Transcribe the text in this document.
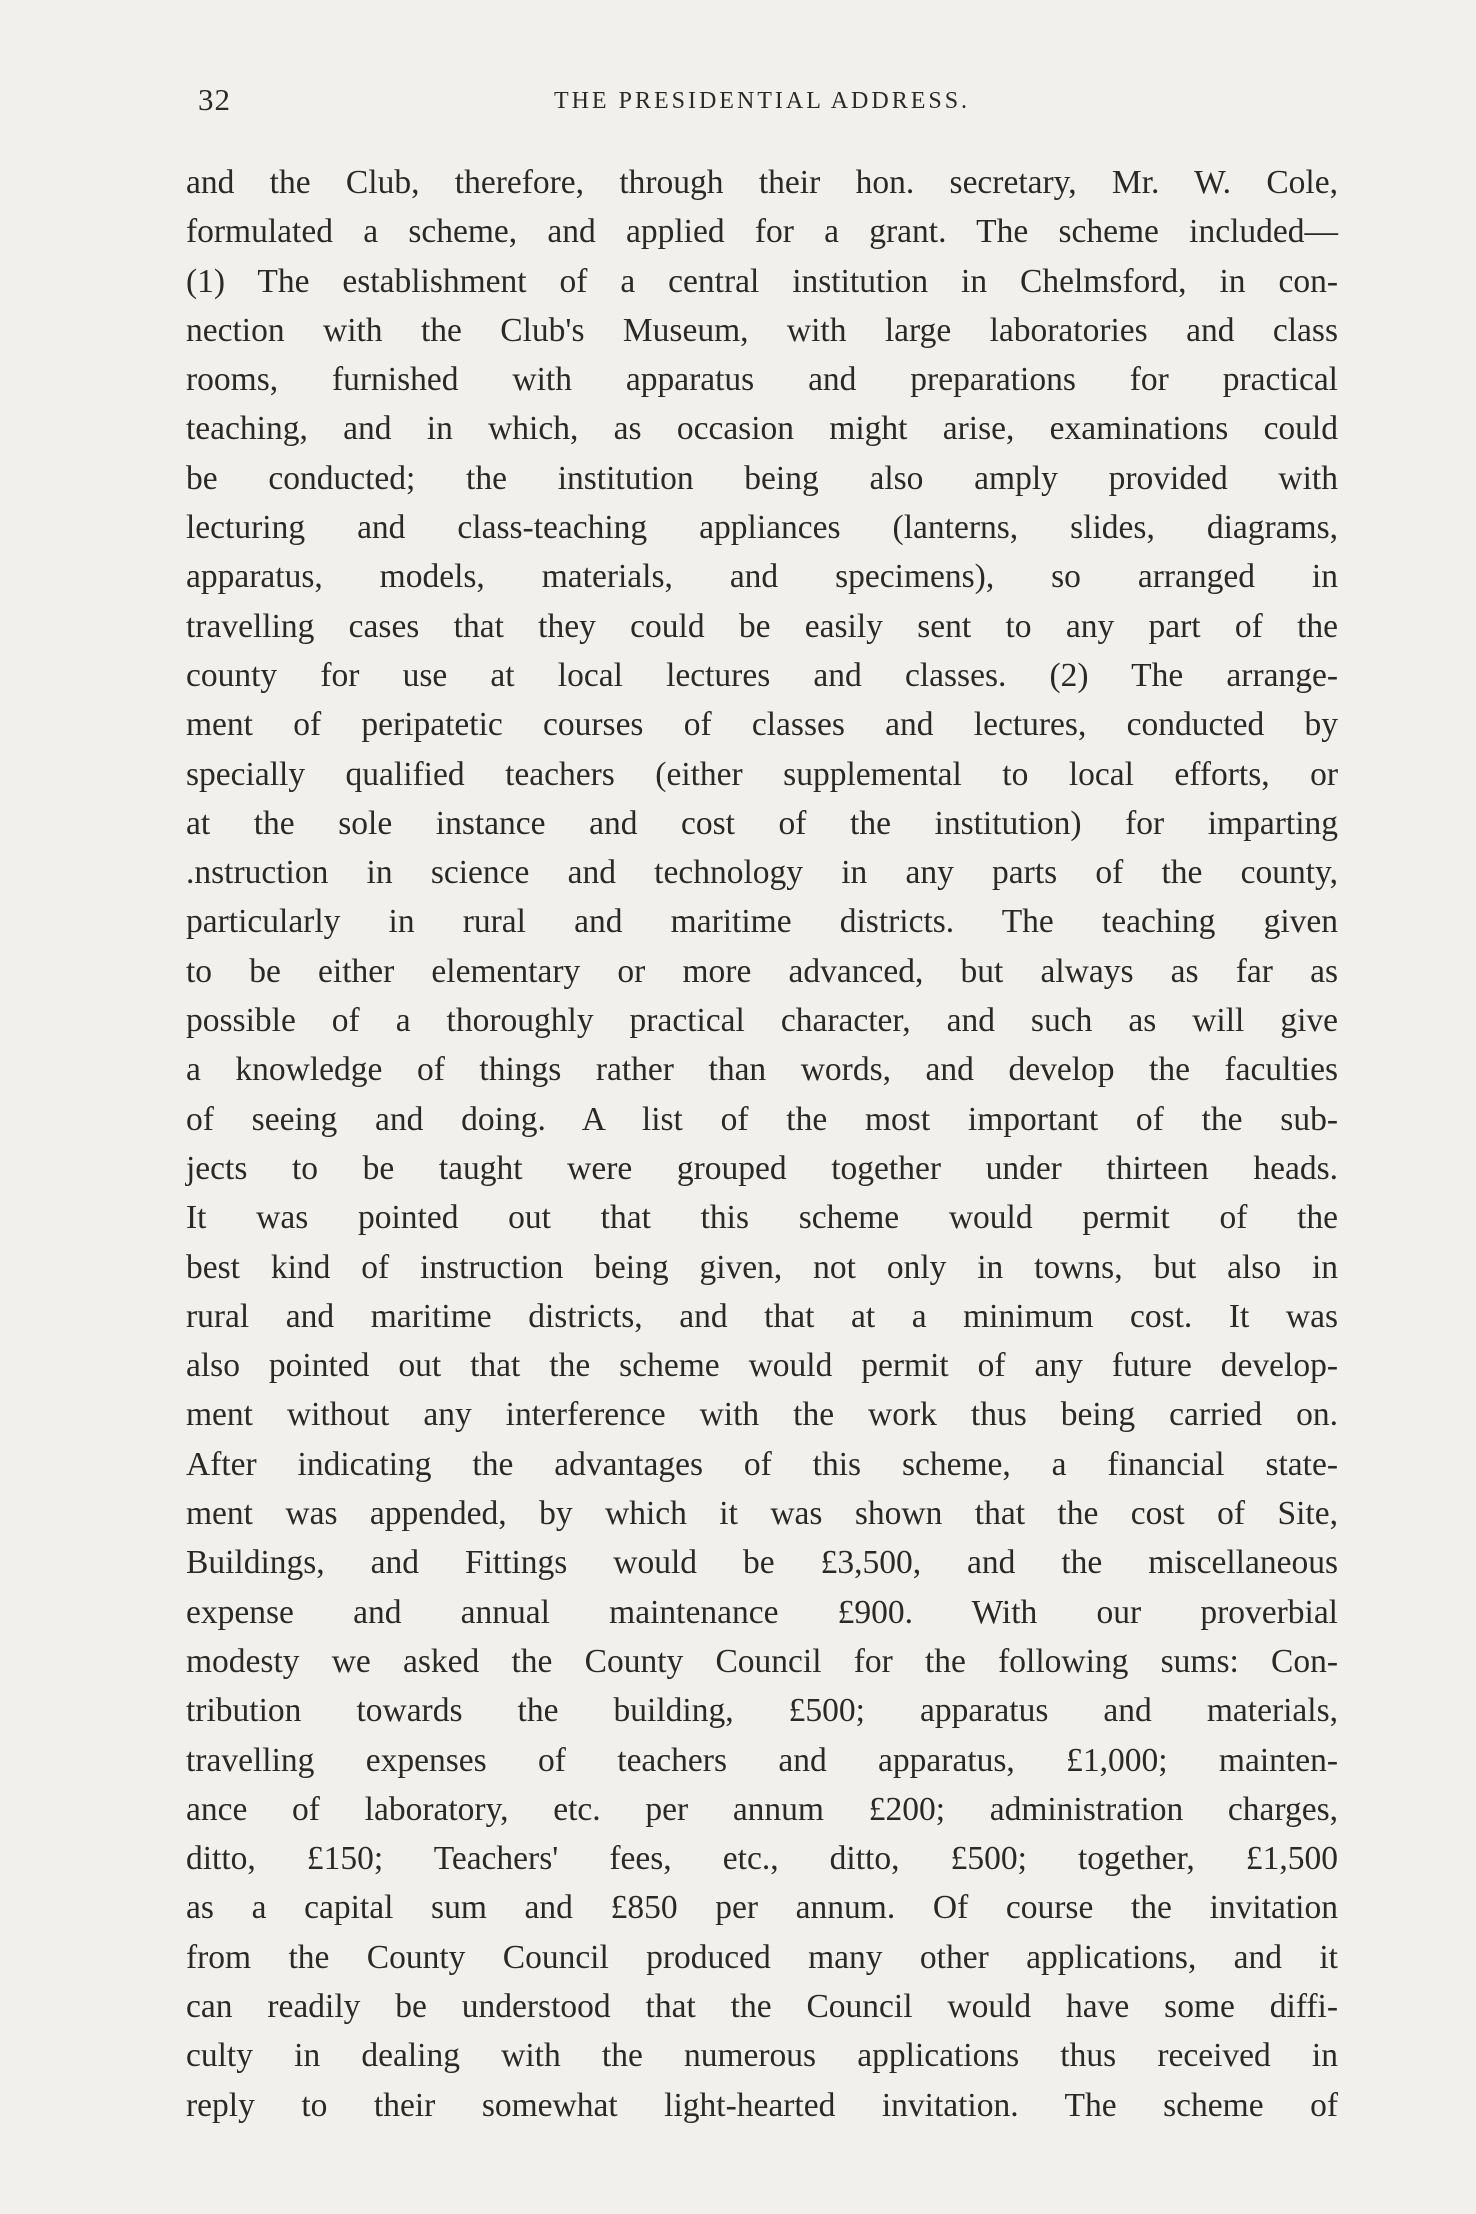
32	THE PRESIDENTIAL ADDRESS.
and the Club, therefore, through their hon. secretary, Mr. W. Cole,
formulated a scheme, and applied for a grant. The scheme included—
(1) The establishment of a central institution in Chelmsford, in con-
nection with the Club's Museum, with large laboratories and class
rooms, furnished with apparatus and preparations for practical
teaching, and in which, as occasion might arise, examinations could
be conducted; the institution being also amply provided with
lecturing and class-teaching appliances (lanterns, slides, diagrams,
apparatus, models, materials, and specimens), so arranged in
travelling cases that they could be easily sent to any part of the
county for use at local lectures and classes. (2) The arrange-
ment of peripatetic courses of classes and lectures, conducted by
specially qualified teachers (either supplemental to local efforts, or
at the sole instance and cost of the institution) for imparting
.nstruction in science and technology in any parts of the county,
particularly in rural and maritime districts. The teaching given
to be either elementary or more advanced, but always as far as
possible of a thoroughly practical character, and such as will give
a knowledge of things rather than words, and develop the faculties
of seeing and doing. A list of the most important of the sub-
jects to be taught were grouped together under thirteen heads.
It was pointed out that this scheme would permit of the
best kind of instruction being given, not only in towns, but also in
rural and maritime districts, and that at a minimum cost. It was
also pointed out that the scheme would permit of any future develop-
ment without any interference with the work thus being carried on.
After indicating the advantages of this scheme, a financial state-
ment was appended, by which it was shown that the cost of Site,
Buildings, and Fittings would be £3,500, and the miscellaneous
expense and annual maintenance £900. With our proverbial
modesty we asked the County Council for the following sums: Con-
tribution towards the building, £500; apparatus and materials,
travelling expenses of teachers and apparatus, £1,000; mainten-
ance of laboratory, etc. per annum £200; administration charges,
ditto, £150; Teachers' fees, etc., ditto, £500; together, £1,500
as a capital sum and £850 per annum. Of course the invitation
from the County Council produced many other applications, and it
can readily be understood that the Council would have some diffi-
culty in dealing with the numerous applications thus received in
reply to their somewhat light-hearted invitation. The scheme of
